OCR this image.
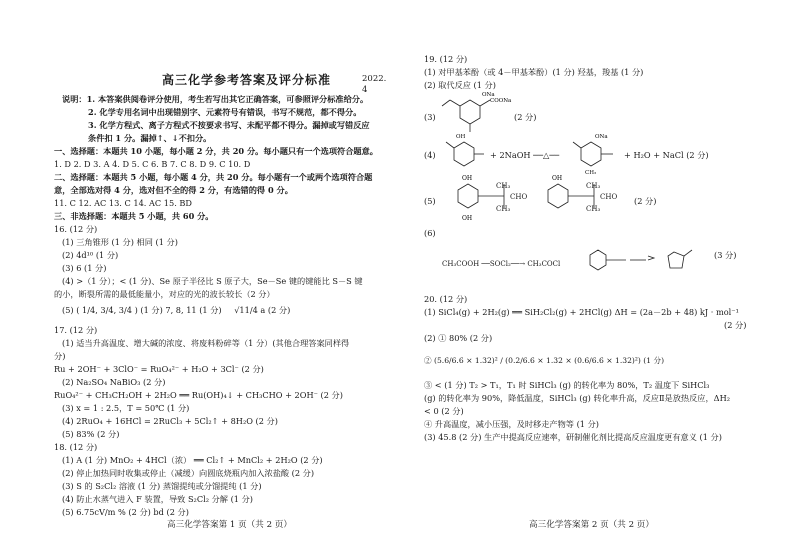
高三化学参考答案及评分标准	2022. 4
说明：1. 本答案供阅卷评分使用，考生若写出其它正确答案，可参照评分标准给分。
2. 化学专用名词中出现错别字、元素符号有错误，书写不规范，都不得分。
3. 化学方程式、离子方程式不按要求书写、未配平都不得分。漏掉或写错反应
条件扣 1 分。漏掉↑、↓不扣分。
一、选择题：本题共 10 小题，每小题 2 分，共 20 分。每小题只有一个选项符合题意。
1. D 2. D 3. A 4. D 5. C 6. B 7. C 8. D 9. C 10. D
二、选择题：本题共 5 小题，每小题 4 分，共 20 分。每小题有一个或两个选项符合题
意，全部选对得 4 分，选对但不全的得 2 分，有选错的得 0 分。
11. C 12. AC 13. C 14. AC 15. BD
三、非选择题：本题共 5 小题，共 60 分。
16. (12 分)
(1) 三角锥形 (1 分) 相同 (1 分)
(2) 4d¹⁰ (1 分)
(3) 6 (1 分)
(4) >（1 分）；< (1 分)、Se 原子半径比 S 原子大，Se－Se 键的键能比 S－S 键
的小，断裂所需的最低能量小，对应的光的波长较长（2 分）
(5) ( 1/4, 3/4, 3/4 ) (1 分) 7, 8, 11 (1 分) √11/4 a (2 分)
17. (12 分)
(1) 适当升高温度、增大碱的浓度、将废料粉碎等（1 分）(其他合理答案同样得
分)
Ru + 2OH⁻ + 3ClO⁻ = RuO₄²⁻ + H₂O + 3Cl⁻ (2 分)
(2) Na₂SO₄ NaBiO₃ (2 分)
RuO₄²⁻ + CH₃CH₂OH + 2H₂O ══ Ru(OH)₄↓ + CH₃CHO + 2OH⁻ (2 分)
(3) x = 1 : 2.5，T = 50℃ (1 分)
(4) 2RuO₄ + 16HCl = 2RuCl₃ + 5Cl₂↑ + 8H₂O (2 分)
(5) 83% (2 分)
18. (12 分)
(1) A (1 分) MnO₂ + 4HCl（浓） ══ Cl₂↑ + MnCl₂ + 2H₂O (2 分)
(2) 停止加热同时收集或停止（减缓）向圆底烧瓶内加入浓盐酸 (2 分)
(3) S 的 S₂Cl₂ 溶液 (1 分) 蒸馏提纯或分馏提纯 (1 分)
(4) 防止水蒸气进入 F 装置，导致 S₂Cl₂ 分解 (1 分)
(5) 6.75cV/m % (2 分) bd (2 分)
高三化学答案第 1 页（共 2 页）
19. (12 分)
(1) 对甲基苯酚（或 4－甲基苯酚）(1 分) 羟基，羧基 (1 分)
(2) 取代反应 (1 分)
(3)
ONa
COONa
(2 分)
(4)
OH
+ 2NaOH ──△──
ONa
CH₃
+ H₂O + NaCl (2 分)
(5)
OH
OH
CH₃
CH₃
CHO
OH
CH₃
CH₃
CHO (2 分)
(6)
CH₃COOH ──SOCl₂──→ CH₃COCl
(3 分)
20. (12 分)
(1) SiCl₄(g) + 2H₂(g) ══ SiH₂Cl₂(g) + 2HCl(g) ΔH = (2a－2b + 48) kJ · mol⁻¹
(2 分)
(2) ① 80% (2 分)
② (5.6/6.6 × 1.32)² / (0.2/6.6 × 1.32 × (0.6/6.6 × 1.32)²) (1 分)
③ < (1 分) T₂ > T₁，T₁ 时 SiHCl₃ (g) 的转化率为 80%，T₂ 温度下 SiHCl₃
(g) 的转化率为 90%，降低温度，SiHCl₃ (g) 转化率升高，反应Ⅱ是放热反应，ΔH₂
< 0 (2 分)
④ 升高温度，减小压强，及时移走产物等 (1 分)
(3) 45.8 (2 分) 生产中提高反应速率，研制催化剂比提高反应温度更有意义 (1 分)
高三化学答案第 2 页（共 2 页）
